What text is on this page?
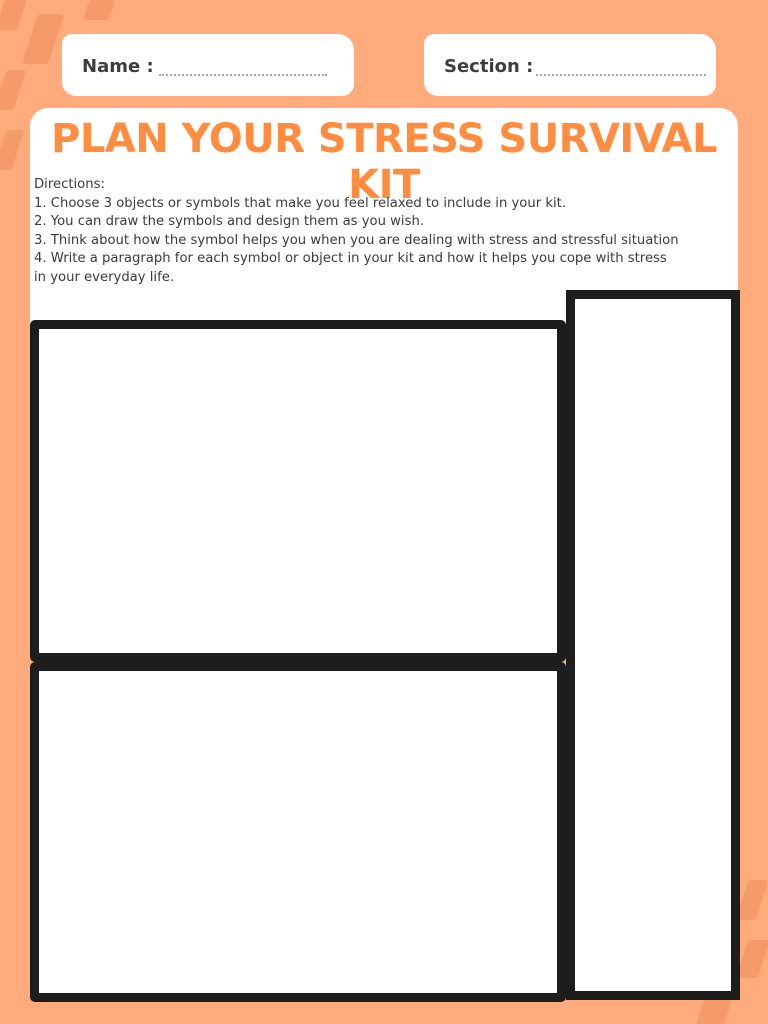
Name :	Section :
PLAN YOUR STRESS SURVIVAL KIT
Directions:
1. Choose 3 objects or symbols that make you feel relaxed to include in your kit.
2. You can draw the symbols and design them as you wish.
3. Think about how the symbol helps you when you are dealing with stress and stressful situation
4. Write a paragraph for each symbol or object in your kit and how it helps you cope with stress
in your everyday life.
